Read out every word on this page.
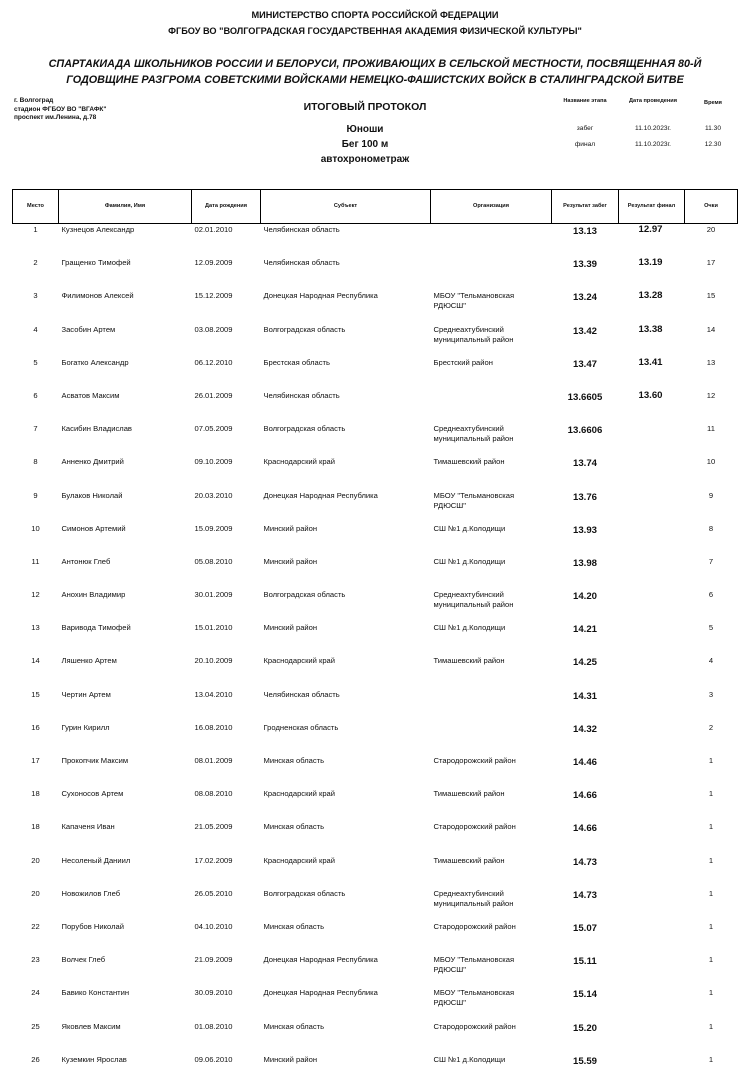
МИНИСТЕРСТВО СПОРТА РОССИЙСКОЙ ФЕДЕРАЦИИ
ФГБОУ ВО "ВОЛГОГРАДСКАЯ ГОСУДАРСТВЕННАЯ АКАДЕМИЯ ФИЗИЧЕСКОЙ КУЛЬТУРЫ"
СПАРТАКИАДА ШКОЛЬНИКОВ РОССИИ И БЕЛОРУСИ, ПРОЖИВАЮЩИХ В СЕЛЬСКОЙ МЕСТНОСТИ, ПОСВЯЩЕННАЯ 80-Й
ГОДОВЩИНЕ РАЗГРОМА СОВЕТСКИМИ ВОЙСКАМИ НЕМЕЦКО-ФАШИСТСКИХ ВОЙСК В СТАЛИНГРАДСКОЙ БИТВЕ
г. Волгоград
стадион ФГБОУ ВО "ВГАФК"
проспект им.Ленина, д.78
ИТОГОВЫЙ ПРОТОКОЛ
Юноши
Бег 100 м
автохронометраж
Название этапа	Дата проведения	Время
забег	11.10.2023г.	11.30
финал	11.10.2023г.	12.30
Место	Фамилия, Имя	Дата рождения	Субъект	Организация	Результат забег	Результат финал	Очки
1	Кузнецов Александр	02.01.2010	Челябинская область		13.13	12.97	20
2	Гращенко Тимофей	12.09.2009	Челябинская область		13.39	13.19	17
3	Филимонов Алексей	15.12.2009	Донецкая Народная Республика	МБОУ "Тельмановская РДЮСШ"	13.24	13.28	15
4	Засобин Артем	03.08.2009	Волгоградская область	Среднеахтубинский муниципальный район	13.42	13.38	14
5	Богатко Александр	06.12.2010	Брестская область	Брестский район	13.47	13.41	13
6	Асватов Максим	26.01.2009	Челябинская область		13.6605	13.60	12
7	Касибин Владислав	07.05.2009	Волгоградская область	Среднеахтубинский муниципальный район	13.6606		11
8	Анненко Дмитрий	09.10.2009	Краснодарский край	Тимашевский район	13.74		10
9	Булаков Николай	20.03.2010	Донецкая Народная Республика	МБОУ "Тельмановская РДЮСШ"	13.76		9
10	Симонов Артемий	15.09.2009	Минский район	СШ №1 д.Колодищи	13.93		8
11	Антонюк Глеб	05.08.2010	Минский район	СШ №1 д.Колодищи	13.98		7
12	Анохин Владимир	30.01.2009	Волгоградская область	Среднеахтубинский муниципальный район	14.20		6
13	Варивода Тимофей	15.01.2010	Минский район	СШ №1 д.Колодищи	14.21		5
14	Ляшенко Артем	20.10.2009	Краснодарский край	Тимашевский район	14.25		4
15	Чертин Артем	13.04.2010	Челябинская область		14.31		3
16	Гурин Кирилл	16.08.2010	Гродненская область		14.32		2
17	Прокопчик Максим	08.01.2009	Минская область	Стародорожский район	14.46		1
18	Сухоносов Артем	08.08.2010	Краснодарский край	Тимашевский район	14.66		1
18	Капаченя Иван	21.05.2009	Минская область	Стародорожский район	14.66		1
20	Несоленый Даниил	17.02.2009	Краснодарский край	Тимашевский район	14.73		1
20	Новожилов Глеб	26.05.2010	Волгоградская область	Среднеахтубинский муниципальный район	14.73		1
22	Порубов Николай	04.10.2010	Минская область	Стародорожский район	15.07		1
23	Волчек Глеб	21.09.2009	Донецкая Народная Республика	МБОУ "Тельмановская РДЮСШ"	15.11		1
24	Бавико Константин	30.09.2010	Донецкая Народная Республика	МБОУ "Тельмановская РДЮСШ"	15.14		1
25	Яковлев Максим	01.08.2010	Минская область	Стародорожский район	15.20		1
26	Куземкин Ярослав	09.06.2010	Минский район	СШ №1 д.Колодищи	15.59		1
